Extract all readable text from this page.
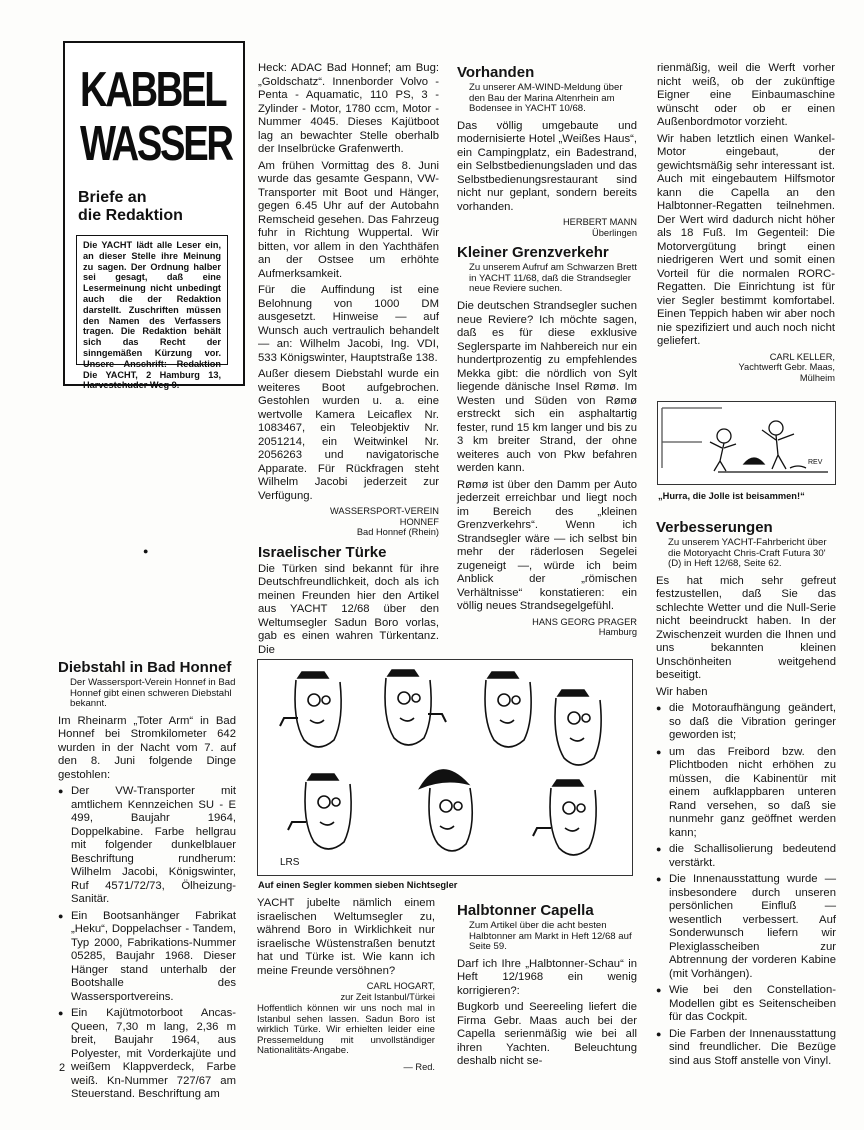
KABBEL
WASSER
Briefe an
die Redaktion
Die YACHT lädt alle Leser ein, an dieser Stelle ihre Meinung zu sagen. Der Ordnung halber sei gesagt, daß eine Lesermeinung nicht unbedingt auch die der Redaktion darstellt. Zuschriften müssen den Namen des Verfassers tragen. Die Redaktion behält sich das Recht der sinngemäßen Kürzung vor. Unsere Anschrift: Redaktion Die YACHT, 2 Hamburg 13, Harvestehuder Weg 9.
●
Diebstahl in Bad Honnef

Der Wassersport-Verein Honnef in Bad Honnef gibt einen schweren Diebstahl bekannt.

Im Rheinarm „Toter Arm“ in Bad Honnef bei Stromkilometer 642 wurden in der Nacht vom 7. auf den 8. Juni folgende Dinge gestohlen:

● Der VW-Transporter mit amtlichem Kennzeichen SU - E 499, Baujahr 1964, Doppelkabine. Farbe hellgrau mit folgender dunkelblauer Beschriftung rundherum: Wilhelm Jacobi, Königswinter, Ruf 4571/72/73, Ölheizung-Sanitär.

● Ein Bootsanhänger Fabrikat „Heku“, Doppelachser - Tandem, Typ 2000, Fabrikations-Nummer 05285, Baujahr 1968. Dieser Hänger stand unterhalb der Bootshalle des Wassersportvereins.

● Ein Kajütmotorboot Ancas-Queen, 7,30 m lang, 2,36 m breit, Baujahr 1964, aus Polyester, mit Vorderkajüte und weißem Klappverdeck, Farbe weiß. Kn-Nummer 727/67 am Steuerstand. Beschriftung am

2

Heck: ADAC Bad Honnef; am Bug: „Goldschatz“. Innenborder Volvo - Penta - Aquamatic, 110 PS, 3 - Zylinder - Motor, 1780 ccm, Motor - Nummer 4045. Dieses Kajütboot lag an bewachter Stelle oberhalb der Inselbrücke Grafenwerth.

Am frühen Vormittag des 8. Juni wurde das gesamte Gespann, VW-Transporter mit Boot und Hänger, gegen 6.45 Uhr auf der Autobahn Remscheid gesehen. Das Fahrzeug fuhr in Richtung Wuppertal. Wir bitten, vor allem in den Yachthäfen an der Ostsee um erhöhte Aufmerksamkeit.

Für die Auffindung ist eine Belohnung von 1000 DM ausgesetzt. Hinweise — auf Wunsch auch vertraulich behandelt — an: Wilhelm Jacobi, Ing. VDI, 533 Königswinter, Hauptstraße 138.

Außer diesem Diebstahl wurde ein weiteres Boot aufgebrochen. Gestohlen wurden u. a. eine wertvolle Kamera Leicaflex Nr. 1083467, ein Teleobjektiv Nr. 2051214, ein Weitwinkel Nr. 2056263 und navigatorische Apparate. Für Rückfragen steht Wilhelm Jacobi jederzeit zur Verfügung.

WASSERSPORT-VEREIN
HONNEF
Bad Honnef (Rhein)
Israelischer Türke

Die Türken sind bekannt für ihre Deutschfreundlichkeit, doch als ich meinen Freunden hier den Artikel aus YACHT 12/68 über den Weltumsegler Sadun Boro vorlas, gab es einen wahren Türkentanz. Die

Vorhanden

Zu unserer AM-WIND-Meldung über den Bau der Marina Altenrhein am Bodensee in YACHT 10/68.

Das völlig umgebaute und modernisierte Hotel „Weißes Haus“, ein Campingplatz, ein Badestrand, ein Selbstbedienungsladen und das Selbstbedienungsrestaurant sind nicht nur geplant, sondern bereits vorhanden.

HERBERT MANN
Überlingen
Kleiner Grenzverkehr

Zu unserem Aufruf am Schwarzen Brett in YACHT 11/68, daß die Strandsegler neue Reviere suchen.

Die deutschen Strandsegler suchen neue Reviere? Ich möchte sagen, daß es für diese exklusive Seglersparte im Nahbereich nur ein hundertprozentig zu empfehlendes Mekka gibt: die nördlich von Sylt liegende dänische Insel Rømø. Im Westen und Süden von Rømø erstreckt sich ein asphaltartig fester, rund 15 km langer und bis zu 3 km breiter Strand, der ohne weiteres auch von Pkw befahren werden kann.

Rømø ist über den Damm per Auto jederzeit erreichbar und liegt noch im Bereich des „kleinen Grenzverkehrs“. Wenn ich Strandsegler wäre — ich selbst bin mehr der räderlosen Segelei zugeneigt —, würde ich beim Anblick der „römischen Verhältnisse“ konstatieren: ein völlig neues Strandsegelgefühl.

HANS GEORG PRAGER
Hamburg
LRS
Auf einen Segler kommen sieben Nichtsegler

YACHT jubelte nämlich einem israelischen Weltumsegler zu, während Boro in Wirklichkeit nur israelische Wüstenstraßen benutzt hat und Türke ist. Wie kann ich meine Freunde versöhnen?

CARL HOGART,
zur Zeit Istanbul/Türkei

Hoffentlich können wir uns noch mal in Istanbul sehen lassen. Sadun Boro ist wirklich Türke. Wir erhielten leider eine Pressemeldung mit unvollständiger Nationalitäts-Angabe.

— Red.
Halbtonner Capella

Zum Artikel über die acht besten Halbtonner am Markt in Heft 12/68 auf Seite 59.

Darf ich Ihre „Halbtonner-Schau“ in Heft 12/1968 ein wenig korrigieren?:

Bugkorb und Seereeling liefert die Firma Gebr. Maas auch bei der Capella serienmäßig wie bei all ihren Yachten. Beleuchtung deshalb nicht se-

rienmäßig, weil die Werft vorher nicht weiß, ob der zukünftige Eigner eine Einbaumaschine wünscht oder ob er einen Außenbordmotor vorzieht.

Wir haben letztlich einen Wankel-Motor eingebaut, der gewichtsmäßig sehr interessant ist. Auch mit eingebautem Hilfsmotor kann die Capella an den Halbtonner-Regatten teilnehmen. Der Wert wird dadurch nicht höher als 18 Fuß. Im Gegenteil: Die Motorvergütung bringt einen niedrigeren Wert und somit einen Vorteil für die normalen RORC-Regatten. Die Einrichtung ist für vier Segler bestimmt komfortabel. Einen Teppich haben wir aber noch nie spezifiziert und auch noch nicht geliefert.

CARL KELLER,
Yachtwerft Gebr. Maas,
Mülheim
REV
„Hurra, die Jolle ist beisammen!“
Verbesserungen

Zu unserem YACHT-Fahrbericht über die Motoryacht Chris-Craft Futura 30' (D) in Heft 12/68, Seite 62.

Es hat mich sehr gefreut festzustellen, daß Sie das schlechte Wetter und die Null-Serie nicht beeindruckt haben. In der Zwischenzeit wurden die Ihnen und uns bekannten kleinen Unschönheiten weitgehend beseitigt.

Wir haben

● die Motoraufhängung geändert, so daß die Vibration geringer geworden ist;

● um das Freibord bzw. den Plichtboden nicht erhöhen zu müssen, die Kabinentür mit einem aufklappbaren unteren Rand versehen, so daß sie nunmehr ganz geöffnet werden kann;

● die Schallisolierung bedeutend verstärkt.

● Die Innenausstattung wurde — insbesondere durch unseren persönlichen Einfluß — wesentlich verbessert. Auf Sonderwunsch liefern wir Plexiglasscheiben zur Abtrennung der vorderen Kabine (mit Vorhängen).

● Wie bei den Constellation-Modellen gibt es Seitenscheiben für das Cockpit.

● Die Farben der Innenausstattung sind freundlicher. Die Bezüge sind aus Stoff anstelle von Vinyl.
